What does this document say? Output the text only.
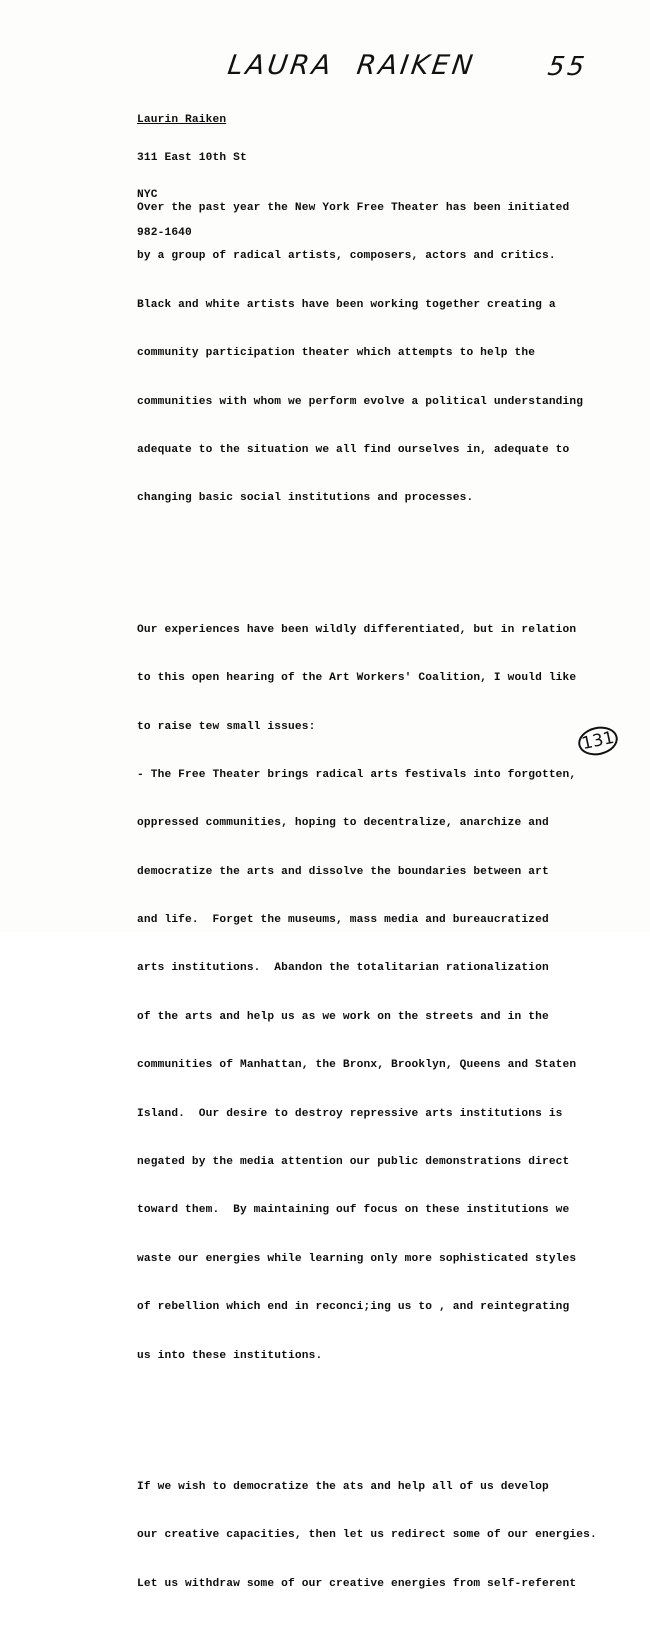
LAURA RAIKEN	55

Laurin Raiken

311 East 10th St

NYC

982-1640

Over the past year the New York Free Theater has been initiated

by a group of radical artists, composers, actors and critics.

Black and white artists have been working together creating a

community participation theater which attempts to help the

communities with whom we perform evolve a political understanding

adequate to the situation we all find ourselves in, adequate to

changing basic social institutions and processes.

Our experiences have been wildly differentiated, but in relation

to this open hearing of the Art Workers' Coalition, I would like

to raise tew small issues:

- The Free Theater brings radical arts festivals into forgotten,

oppressed communities, hoping to decentralize, anarchize and

democratize the arts and dissolve the boundaries between art

and life.  Forget the museums, mass media and bureaucratized

arts institutions.  Abandon the totalitarian rationalization

of the arts and help us as we work on the streets and in the

communities of Manhattan, the Bronx, Brooklyn, Queens and Staten

Island.  Our desire to destroy repressive arts institutions is

negated by the media attention our public demonstrations direct

toward them.  By maintaining ouf focus on these institutions we

waste our energies while learning only more sophisticated styles

of rebellion which end in reconci;ing us to , and reintegrating

us into these institutions.

If we wish to democratize the ats and help all of us develop

our creative capacities, then let us redirect some of our energies.

Let us withdraw some of our creative energies from self-referent

131
